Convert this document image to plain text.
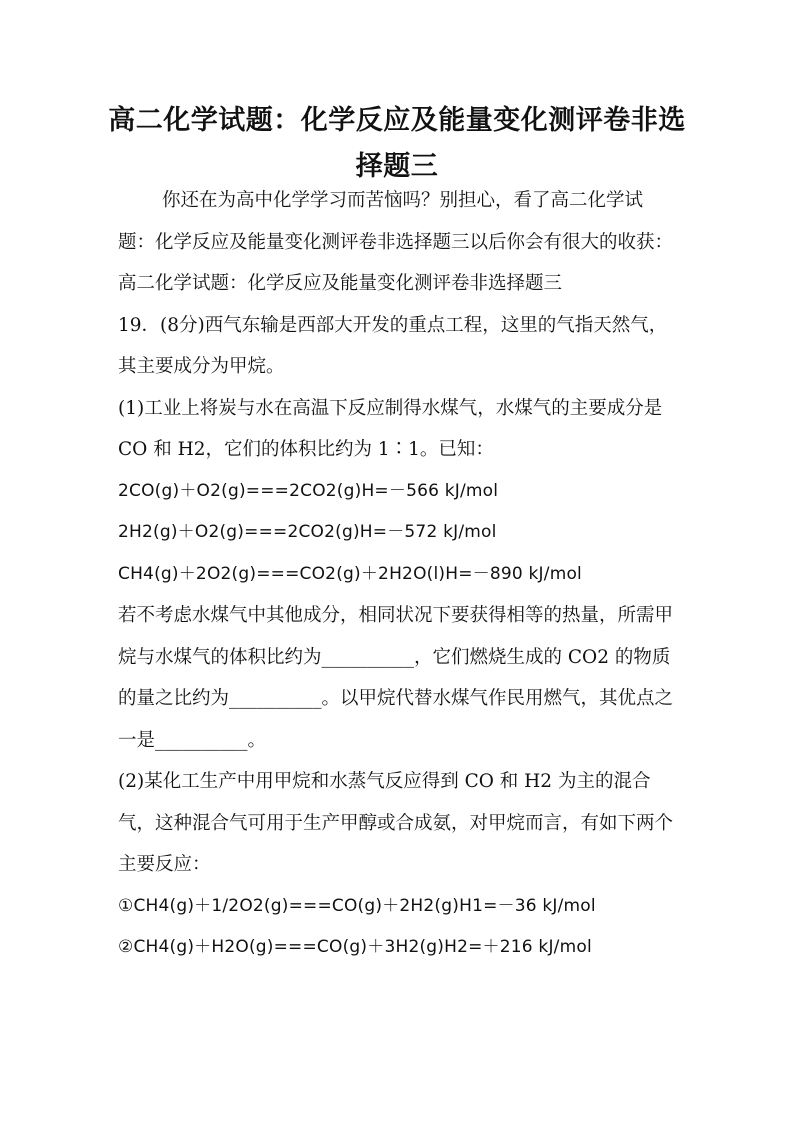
高二化学试题：化学反应及能量变化测评卷非选择题三

你还在为高中化学学习而苦恼吗？别担心，看了高二化学试题：化学反应及能量变化测评卷非选择题三以后你会有很大的收获：

高二化学试题：化学反应及能量变化测评卷非选择题三

19．(8分)西气东输是西部大开发的重点工程，这里的气指天然气，其主要成分为甲烷。

(1)工业上将炭与水在高温下反应制得水煤气，水煤气的主要成分是 CO 和 H2，它们的体积比约为 1∶1。已知：

2CO(g)＋O2(g)===2CO2(g)H=－566 kJ/mol

2H2(g)＋O2(g)===2CO2(g)H=－572 kJ/mol

CH4(g)＋2O2(g)===CO2(g)＋2H2O(l)H=－890 kJ/mol

若不考虑水煤气中其他成分，相同状况下要获得相等的热量，所需甲烷与水煤气的体积比约为__________，它们燃烧生成的 CO2 的物质的量之比约为__________。以甲烷代替水煤气作民用燃气，其优点之一是__________。

(2)某化工生产中用甲烷和水蒸气反应得到 CO 和 H2 为主的混合气，这种混合气可用于生产甲醇或合成氨，对甲烷而言，有如下两个主要反应：

①CH4(g)＋1/2O2(g)===CO(g)＋2H2(g)H1=－36 kJ/mol

②CH4(g)＋H2O(g)===CO(g)＋3H2(g)H2=＋216 kJ/mol
